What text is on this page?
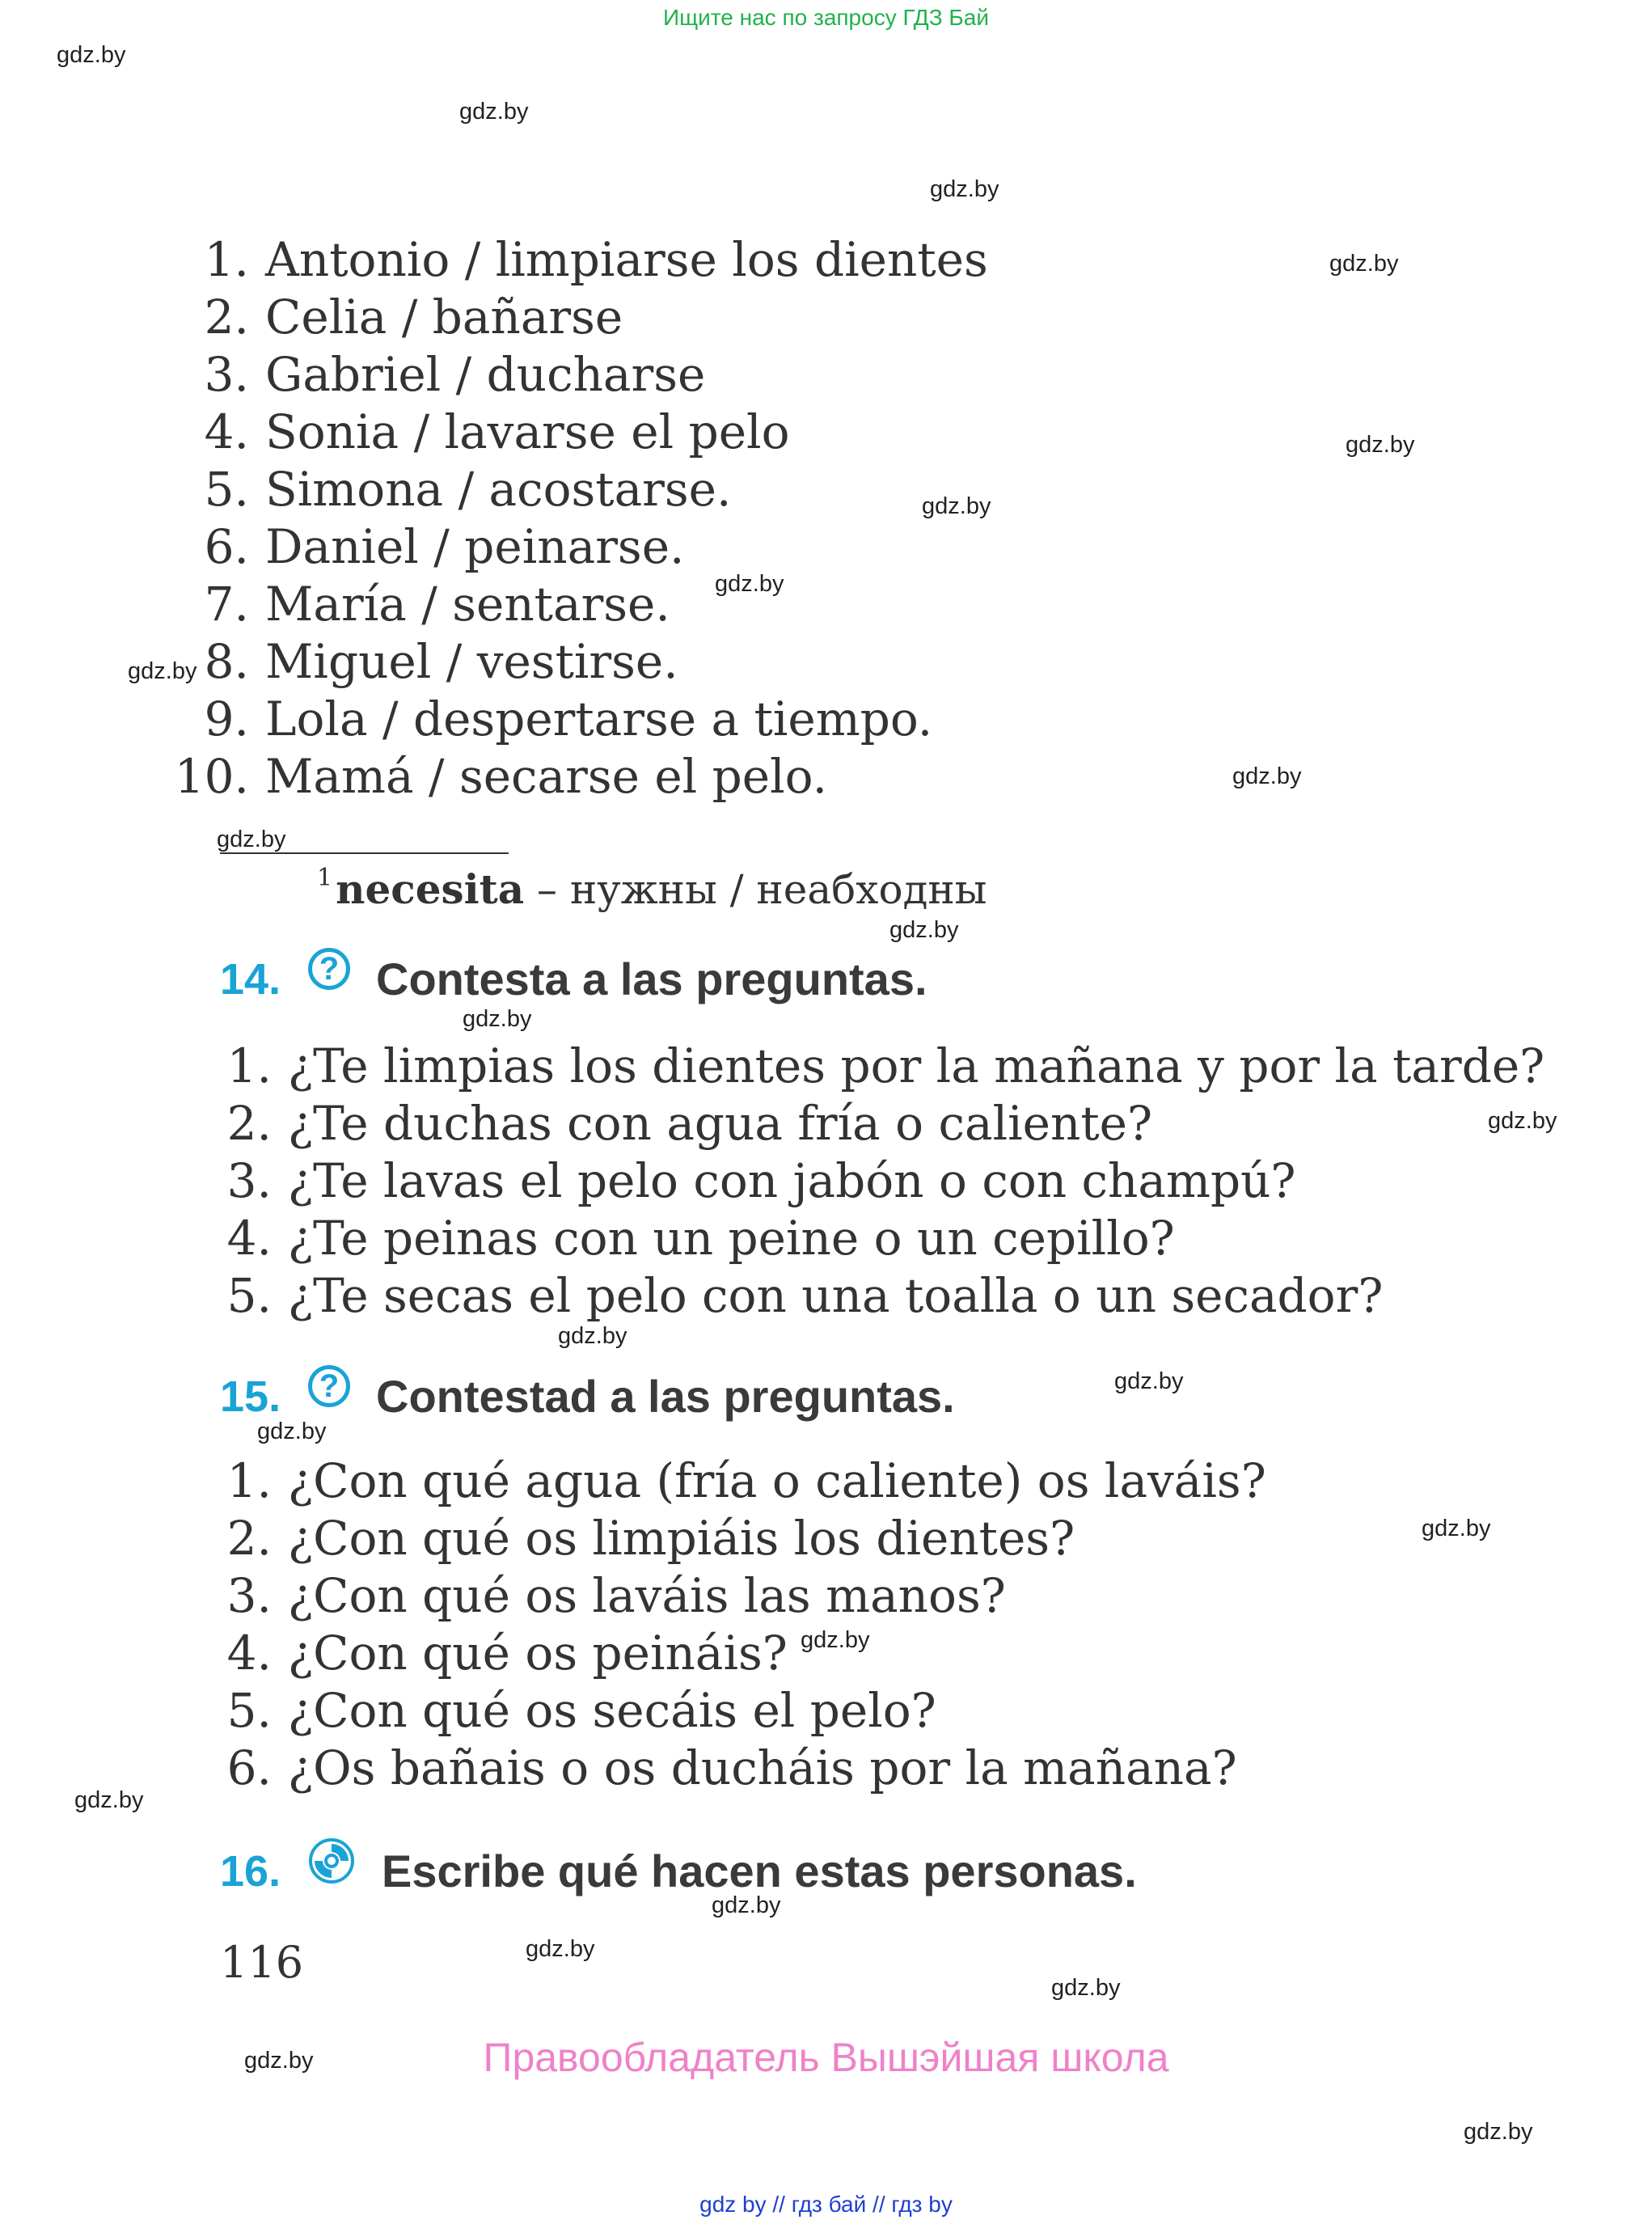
Ищите нас по запросу ГДЗ Бай
gdz.by
gdz.by
gdz.by
gdz.by
gdz.by
gdz.by
gdz.by
gdz.by
gdz.by
gdz.by
gdz.by
gdz.by
gdz.by
gdz.by
gdz.by
gdz.by
gdz.by
gdz.by
gdz.by
gdz.by
gdz.by
gdz.by
gdz.by
gdz.by
1. Antonio / limpiarse los dientes
2. Celia / bañarse
3. Gabriel / ducharse
4. Sonia / lavarse el pelo
5. Simona / acostarse.
6. Daniel / peinarse.
7. María / sentarse.
8. Miguel / vestirse.
9. Lola / despertarse a tiempo.
10. Mamá / secarse el pelo.
$^1$necesita – нужны / неабходны
14.	? Contesta a las preguntas.
1. ¿Te limpias los dientes por la mañana y por la tarde?
2. ¿Te duchas con agua fría o caliente?
3. ¿Te lavas el pelo con jabón o con champú?
4. ¿Te peinas con un peine o un cepillo?
5. ¿Te secas el pelo con una toalla o un secador?
15.	? Contestad a las preguntas.
1. ¿Con qué agua (fría o caliente) os laváis?
2. ¿Con qué os limpiáis los dientes?
3. ¿Con qué os laváis las manos?
4. ¿Con qué os peináis?
5. ¿Con qué os secáis el pelo?
6. ¿Os bañais o os ducháis por la mañana?
16. Escribe qué hacen estas personas.
116
Правообладатель Вышэйшая школа
gdz by // гдз бай // гдз by
